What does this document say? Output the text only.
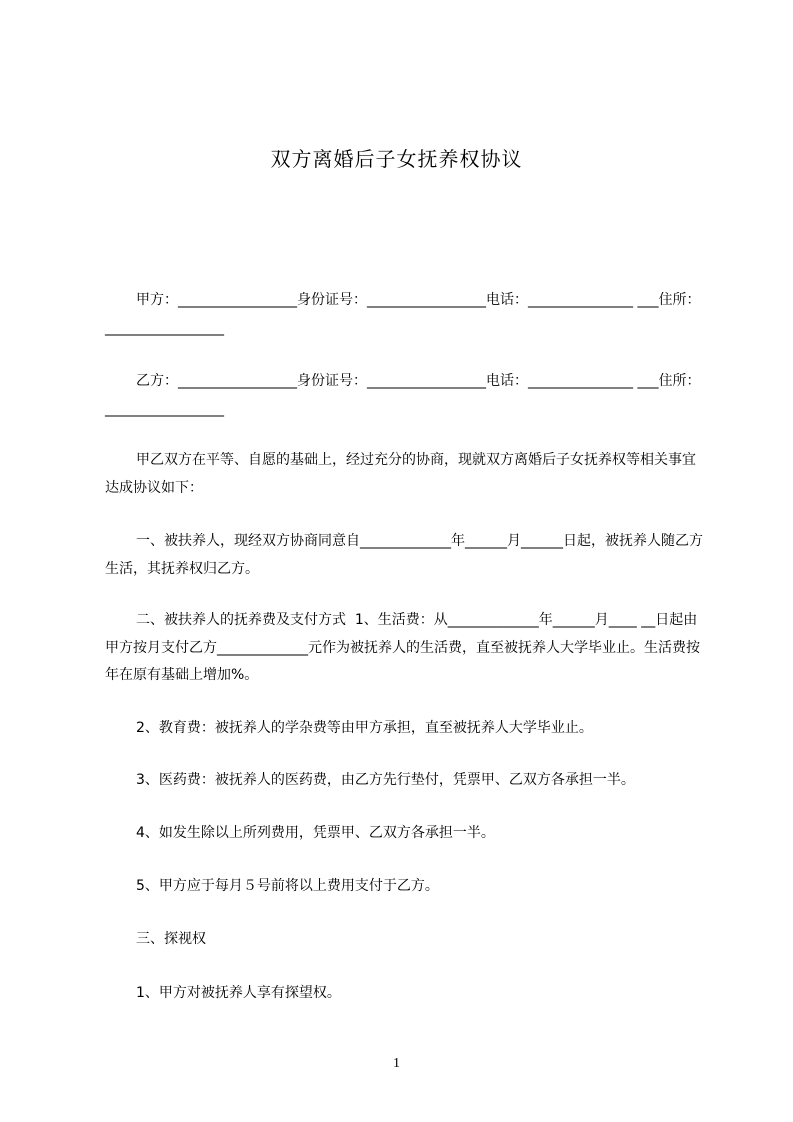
双方离婚后子女抚养权协议
甲方：_________________身份证号：_________________电话：_______________ ___住所：_________________
乙方：_________________身份证号：_________________电话：_______________ ___住所：_________________
甲乙双方在平等、自愿的基础上，经过充分的协商，现就双方离婚后子女抚养权等相关事宜达成协议如下：
一、被扶养人，现经双方协商同意自_____________年______月______日起，被抚养人随乙方生活，其抚养权归乙方。
二、被扶养人的抚养费及支付方式  1、生活费：从_____________年______月____ __日起由甲方按月支付乙方_____________元作为被抚养人的生活费，直至被抚养人大学毕业止。生活费按年在原有基础上增加%。
2、教育费：被抚养人的学杂费等由甲方承担，直至被抚养人大学毕业止。
3、医药费：被抚养人的医药费，由乙方先行垫付，凭票甲、乙双方各承担一半。
4、如发生除以上所列费用，凭票甲、乙双方各承担一半。
5、甲方应于每月５号前将以上费用支付于乙方。
三、探视权
1、甲方对被抚养人享有探望权。
1
